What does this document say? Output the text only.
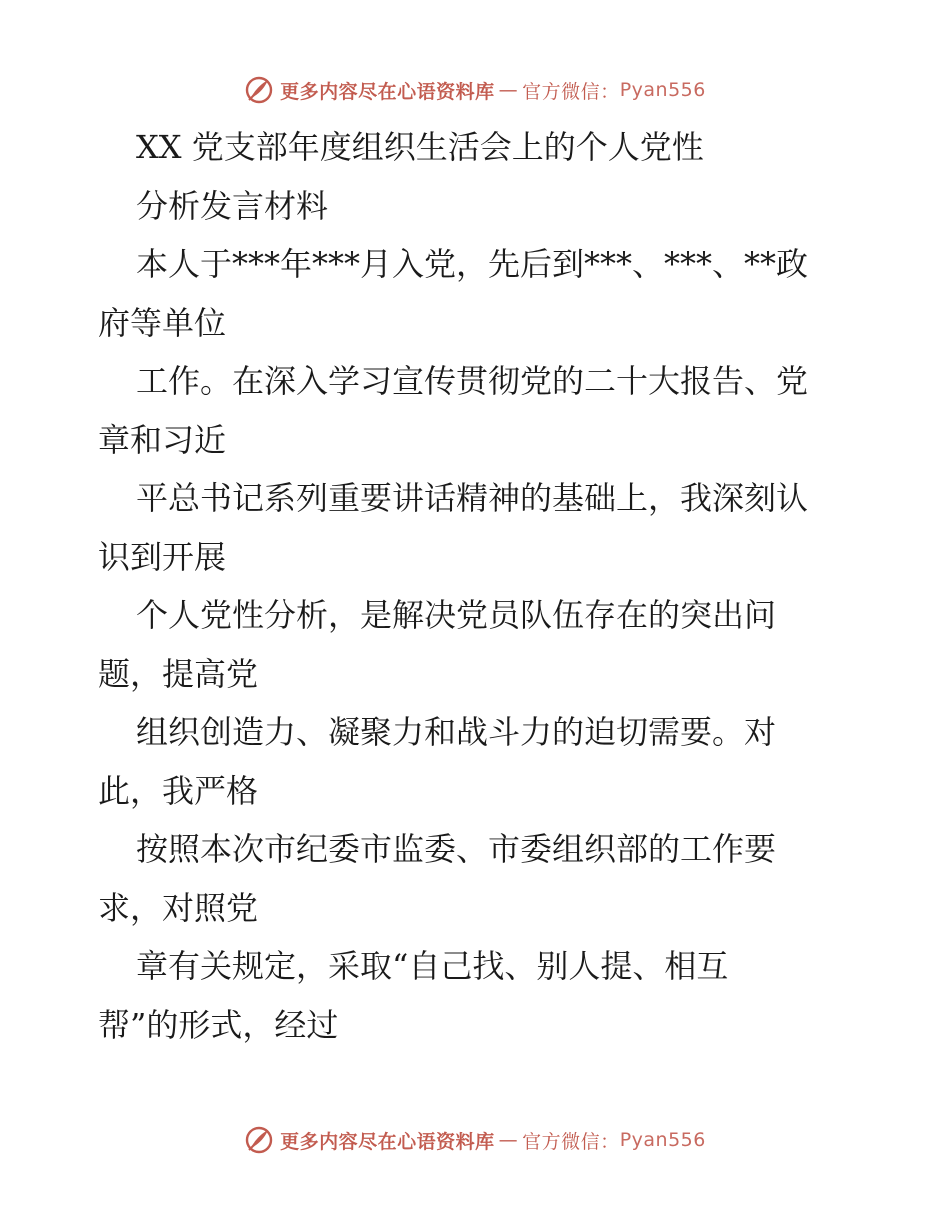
更多内容尽在心语资料库 — 官方微信： Pyan556
XX 党支部年度组织生活会上的个人党性
分析发言材料
本人于***年***月入党，先后到***、***、**政
府等单位
工作。在深入学习宣传贯彻党的二十大报告、党
章和习近
平总书记系列重要讲话精神的基础上，我深刻认
识到开展
个人党性分析，是解决党员队伍存在的突出问
题，提高党
组织创造力、凝聚力和战斗力的迫切需要。对
此，我严格
按照本次市纪委市监委、市委组织部的工作要
求，对照党
章有关规定，采取“自己找、别人提、相互
帮”的形式，经过
更多内容尽在心语资料库 — 官方微信： Pyan556
